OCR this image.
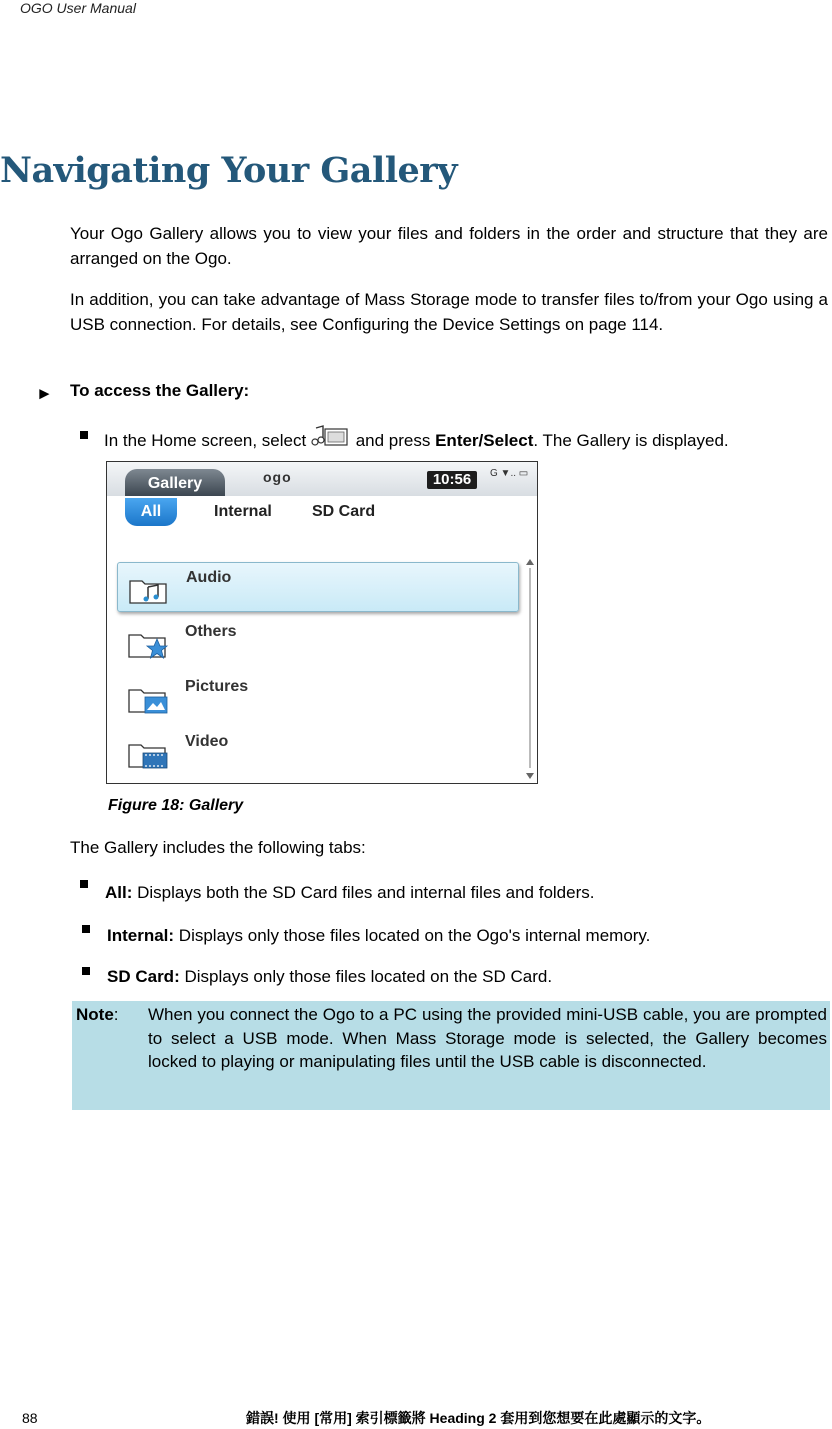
OGO User Manual
Navigating Your Gallery
Your Ogo Gallery allows you to view your files and folders in the order and structure that they are arranged on the Ogo.
In addition, you can take advantage of Mass Storage mode to transfer files to/from your Ogo using a USB connection. For details, see Configuring the Device Settings on page 114.
► To access the Gallery:
In the Home screen, select	and press Enter/Select. The Gallery is displayed.
Gallery	ogo	10:56	G ▼.. ▭
All	Internal	SD Card
Audio
Others
Pictures
Video
Figure 18: Gallery
The Gallery includes the following tabs:
All: Displays both the SD Card files and internal files and folders.
Internal: Displays only those files located on the Ogo's internal memory.
SD Card: Displays only those files located on the SD Card.
Note: When you connect the Ogo to a PC using the provided mini-USB cable, you are prompted to select a USB mode. When Mass Storage mode is selected, the Gallery becomes locked to playing or manipulating files until the USB cable is disconnected.
88	錯誤! 使用 [常用] 索引標籤將 Heading 2 套用到您想要在此處顯示的文字。
